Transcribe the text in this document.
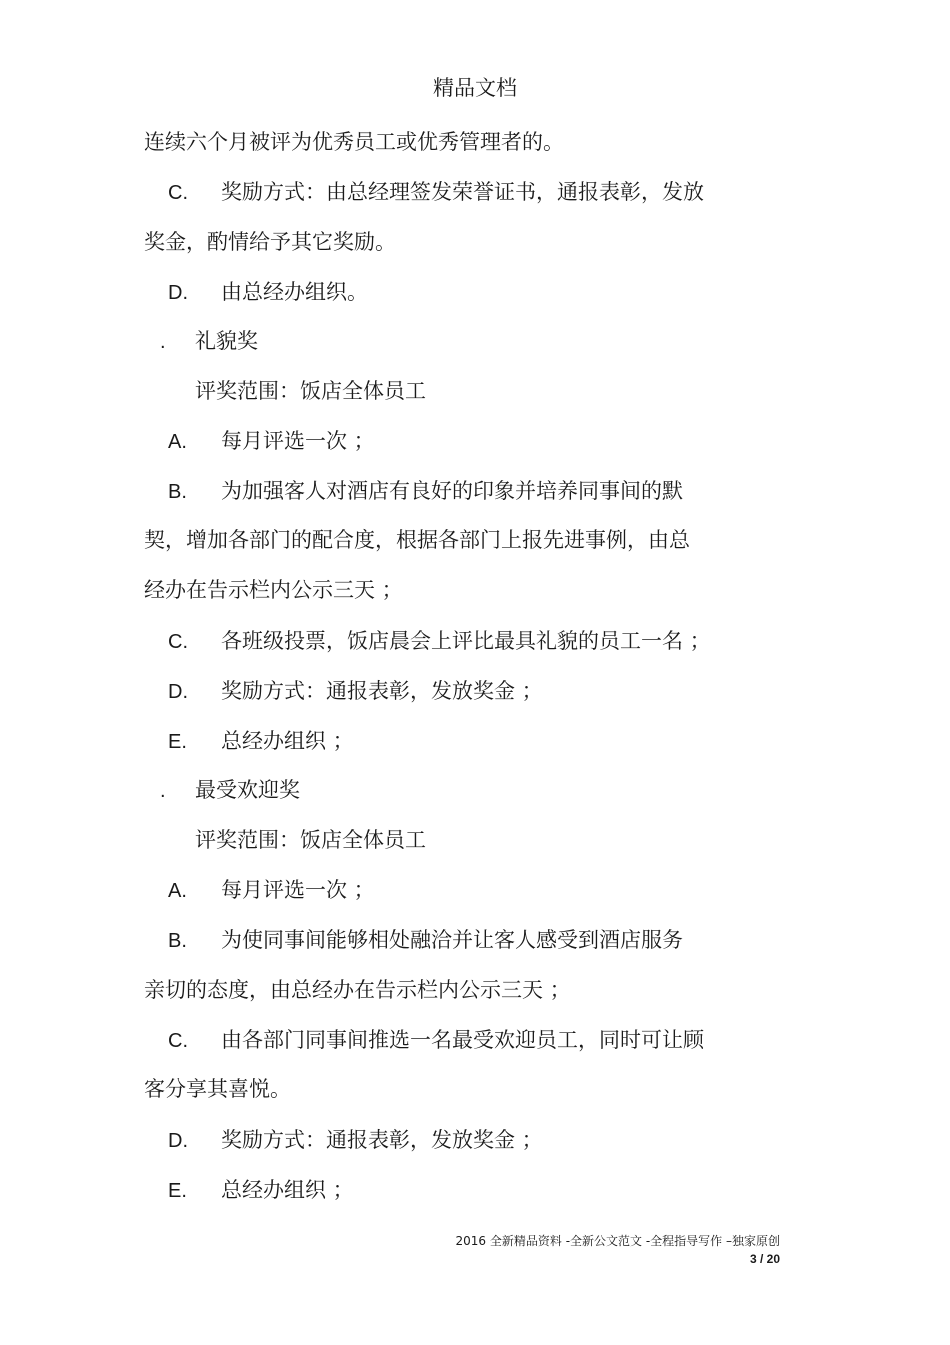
精品文档
连续六个月被评为优秀员工或优秀管理者的。
C. 奖励方式：由总经理签发荣誉证书，通报表彰，发放
奖金，酌情给予其它奖励。
D. 由总经办组织。
. 礼貌奖
评奖范围：饭店全体员工
A. 每月评选一次 ；
B. 为加强客人对酒店有良好的印象并培养同事间的默
契，增加各部门的配合度，根据各部门上报先进事例，由总
经办在告示栏内公示三天 ；
C. 各班级投票，饭店晨会上评比最具礼貌的员工一名 ；
D. 奖励方式：通报表彰，发放奖金 ；
E. 总经办组织 ；
. 最受欢迎奖
评奖范围：饭店全体员工
A. 每月评选一次 ；
B. 为使同事间能够相处融洽并让客人感受到酒店服务
亲切的态度，由总经办在告示栏内公示三天 ；
C. 由各部门同事间推选一名最受欢迎员工，同时可让顾
客分享其喜悦。
D. 奖励方式：通报表彰，发放奖金 ；
E. 总经办组织 ；
2016 全新精品资料 -全新公文范文 -全程指导写作 –独家原创
3 / 20
